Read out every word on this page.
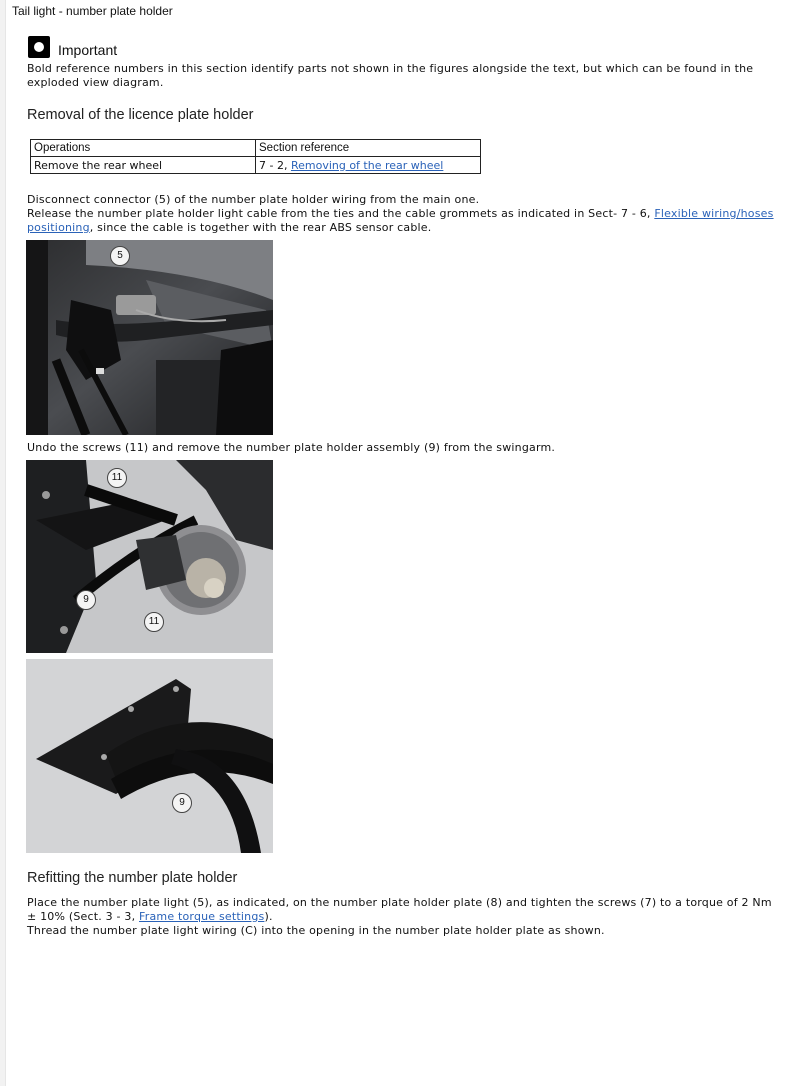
Tail light - number plate holder
Important
Bold reference numbers in this section identify parts not shown in the figures alongside the text, but which can be found in the exploded view diagram.
Removal of the licence plate holder
Operations	Section reference
Remove the rear wheel	7 - 2, Removing of the rear wheel
Disconnect connector (5) of the number plate holder wiring from the main one.
Release the number plate holder light cable from the ties and the cable grommets as indicated in Sect- 7 - 6, Flexible wiring/hoses positioning, since the cable is together with the rear ABS sensor cable.
5
Undo the screws (11) and remove the number plate holder assembly (9) from the swingarm.
11
9
11
9
Refitting the number plate holder
Place the number plate light (5), as indicated, on the number plate holder plate (8) and tighten the screws (7) to a torque of 2 Nm ± 10% (Sect. 3 - 3, Frame torque settings).
Thread the number plate light wiring (C) into the opening in the number plate holder plate as shown.
